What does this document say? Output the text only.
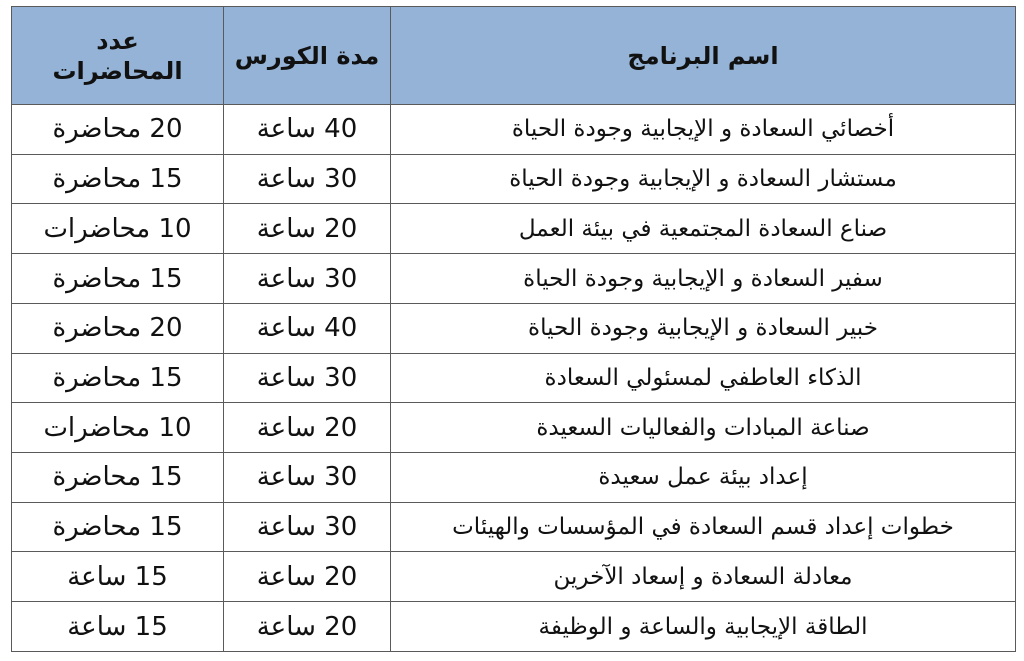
اسم البرنامج	مدة الكورس	عدد
المحاضرات

أخصائي السعادة و الإيجابية وجودة الحياة	40 ساعة	20 محاضرة
مستشار السعادة و الإيجابية وجودة الحياة	30 ساعة	15 محاضرة
صناع السعادة المجتمعية في بيئة العمل	20 ساعة	10 محاضرات
سفير السعادة و الإيجابية وجودة الحياة	30 ساعة	15 محاضرة
خبير السعادة و الإيجابية وجودة الحياة	40 ساعة	20 محاضرة
الذكاء العاطفي لمسئولي السعادة	30 ساعة	15 محاضرة
صناعة المبادات والفعاليات السعيدة	20 ساعة	10 محاضرات
إعداد بيئة عمل سعيدة	30 ساعة	15 محاضرة
خطوات إعداد قسم السعادة في المؤسسات والهيئات	30 ساعة	15 محاضرة
معادلة السعادة و إسعاد الآخرين	20 ساعة	15 ساعة
الطاقة الإيجابية والساعة و الوظيفة	20 ساعة	15 ساعة
